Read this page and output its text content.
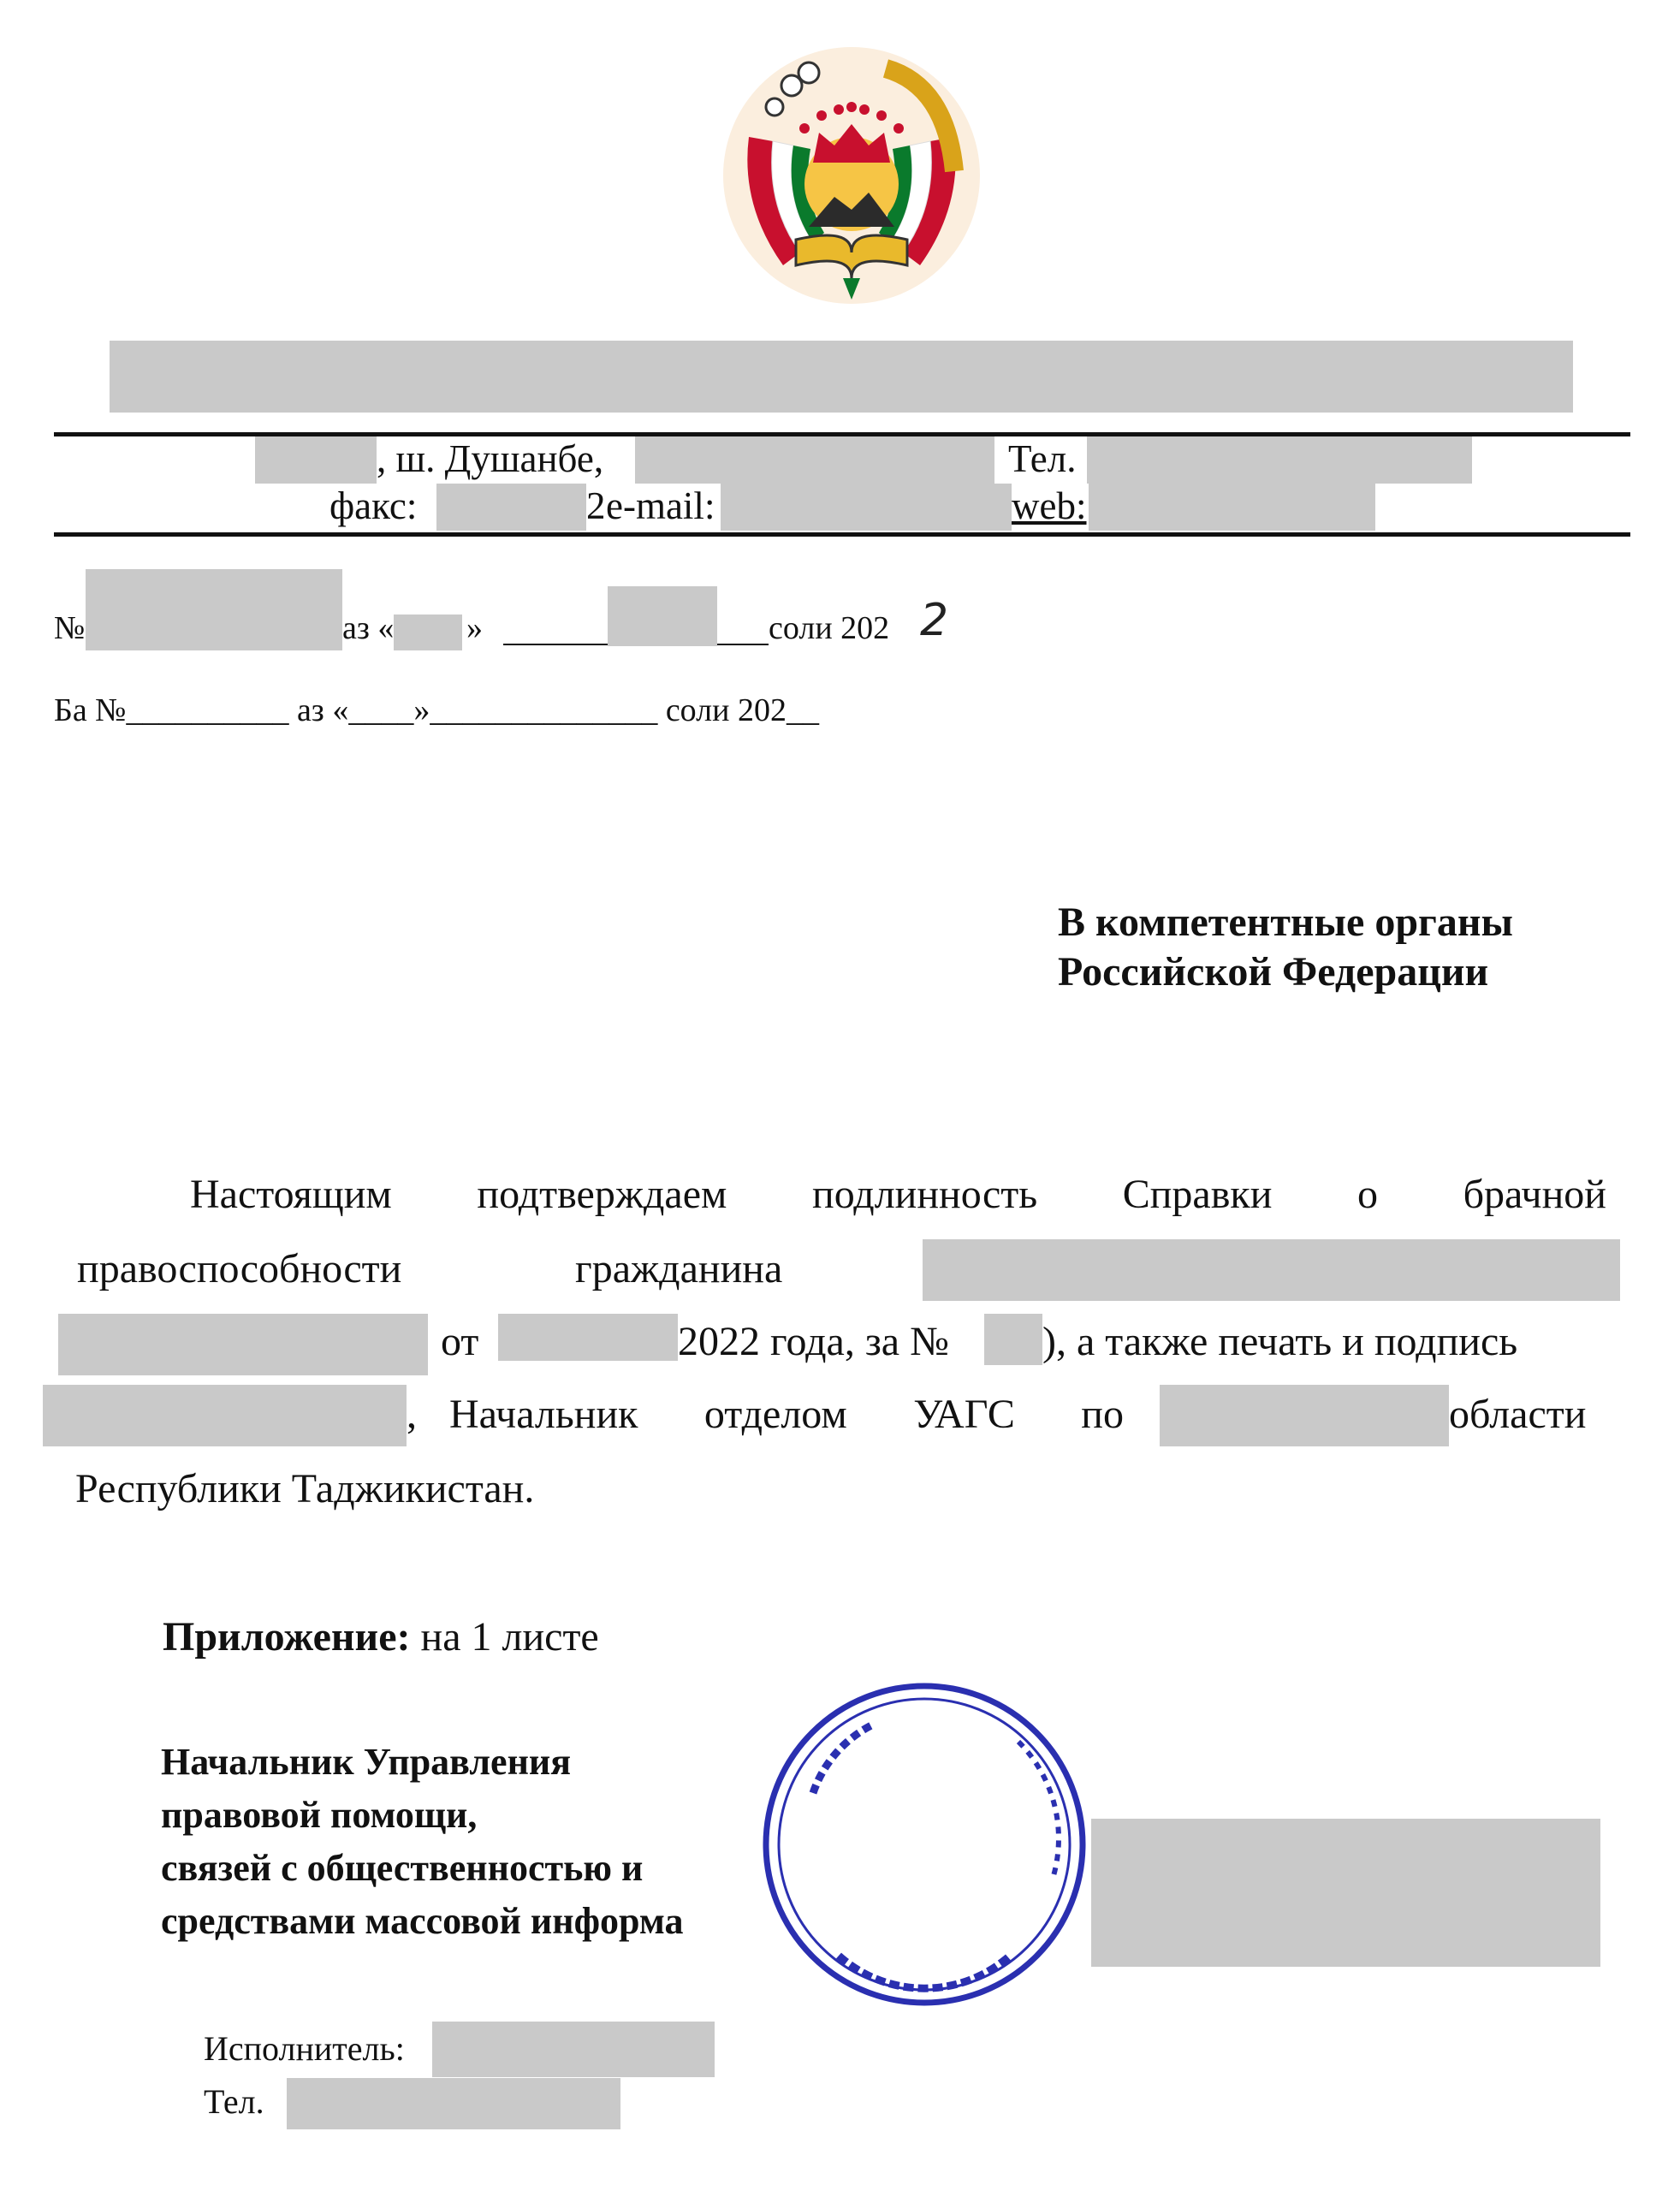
, ш. Душанбе,	Тел.
факс:	2 e-mail:	web:
№	аз « »	соли 202 2
Ба №__________ аз «____»______________ соли 202__
В компетентные органы
Российской Федерации
Настоящим подтверждаем подлинность Справки о брачной
правоспособности	гражданина
от	2022 года, за № ), а также печать и подпись
, Начальник отделом УАГС по	области
Республики Таджикистан.
Приложение: на 1 листе
Начальник Управления
правовой помощи,
связей с общественностью и
средствами массовой информа
Исполнитель:
Тел.
